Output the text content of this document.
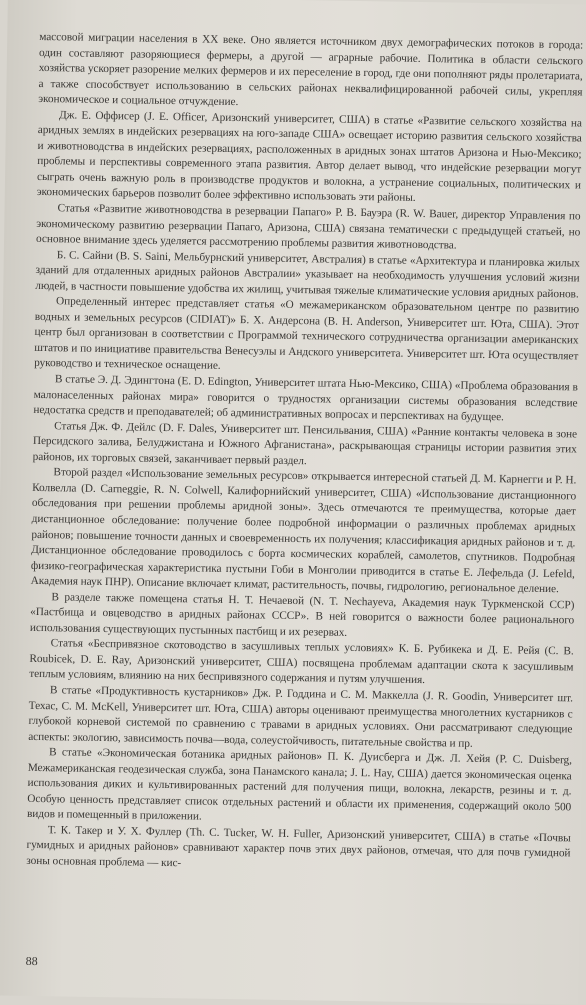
массовой миграции населения в XX веке. Оно является источником двух демографических потоков в города: один составляют разоряющиеся фермеры, а другой — аграрные рабочие. Политика в области сельского хозяйства ускоряет разорение мелких фермеров и их переселение в город, где они пополняют ряды пролетариата, а также способствует использованию в сельских районах неквалифицированной рабочей силы, укрепляя экономическое и социальное отчуждение.

Дж. Е. Оффисер (J. E. Officer, Аризонский университет, США) в статье «Развитие сельского хозяйства на аридных землях в индейских резервациях на юго-западе США» освещает историю развития сельского хозяйства и животноводства в индейских резервациях, расположенных в аридных зонах штатов Аризона и Нью-Мексико; проблемы и перспективы современного этапа развития. Автор делает вывод, что индейские резервации могут сыграть очень важную роль в производстве продуктов и волокна, а устранение социальных, политических и экономических барьеров позволит более эффективно использовать эти районы.

Статья «Развитие животноводства в резервации Папаго» Р. В. Бауэра (R. W. Bauer, директор Управления по экономическому развитию резервации Папаго, Аризона, США) связана тематически с предыдущей статьей, но основное внимание здесь уделяется рассмотрению проблемы развития животноводства.

Б. С. Сайни (B. S. Saini, Мельбурнский университет, Австралия) в статье «Архитектура и планировка жилых зданий для отдаленных аридных районов Австралии» указывает на необходимость улучшения условий жизни людей, в частности повышение удобства их жилищ, учитывая тяжелые климатические условия аридных районов.

Определенный интерес представляет статья «О межамериканском образовательном центре по развитию водных и земельных ресурсов (CIDIAT)» Б. Х. Андерсона (B. H. Anderson, Университет шт. Юта, США). Этот центр был организован в соответствии с Программой технического сотрудничества организации американских штатов и по инициативе правительства Венесуэлы и Андского университета. Университет шт. Юта осуществляет руководство и техническое оснащение.

В статье Э. Д. Эдингтона (E. D. Edington, Университет штата Нью-Мексико, США) «Проблема образования в малонаселенных районах мира» говорится о трудностях организации системы образования вследствие недостатка средств и преподавателей; об административных вопросах и перспективах на будущее.

Статья Дж. Ф. Дейлс (D. F. Dales, Университет шт. Пенсильвания, США) «Ранние контакты человека в зоне Персидского залива, Белуджистана и Южного Афганистана», раскрывающая страницы истории развития этих районов, их торговых связей, заканчивает первый раздел.

Второй раздел «Использование земельных ресурсов» открывается интересной статьей Д. М. Карнегги и Р. Н. Колвелла (D. Carneggie, R. N. Colwell, Калифорнийский университет, США) «Использование дистанционного обследования при решении проблемы аридной зоны». Здесь отмечаются те преимущества, которые дает дистанционное обследование: получение более подробной информации о различных проблемах аридных районов; повышение точности данных и своевременность их получения; классификация аридных районов и т. д. Дистанционное обследование проводилось с борта космических кораблей, самолетов, спутников. Подробная физико-географическая характеристика пустыни Гоби в Монголии приводится в статье Е. Лефельда (J. Lefeld, Академия наук ПНР). Описание включает климат, растительность, почвы, гидрологию, региональное деление.

В разделе также помещена статья Н. Т. Нечаевой (N. T. Nechayeva, Академия наук Туркменской ССР) «Пастбища и овцеводство в аридных районах СССР». В ней говорится о важности более рационального использования существующих пустынных пастбищ и их резервах.

Статья «Беспривязное скотоводство в засушливых теплых условиях» К. Б. Рубикека и Д. Е. Рейя (C. B. Roubicek, D. E. Ray, Аризонский университет, США) посвящена проблемам адаптации скота к засушливым теплым условиям, влиянию на них беспривязного содержания и путям улучшения.

В статье «Продуктивность кустарников» Дж. Р. Годдина и С. М. Маккелла (J. R. Goodin, Университет шт. Техас, C. M. McKell, Университет шт. Юта, США) авторы оценивают преимущества многолетних кустарников с глубокой корневой системой по сравнению с травами в аридных условиях. Они рассматривают следующие аспекты: экологию, зависимость почва—вода, солеустойчивость, питательные свойства и пр.

В статье «Экономическая ботаника аридных районов» П. К. Дуисберга и Дж. Л. Хейя (P. C. Duisberg, Межамериканская геодезическая служба, зона Панамского канала; J. L. Hay, США) дается экономическая оценка использования диких и культивированных растений для получения пищи, волокна, лекарств, резины и т. д. Особую ценность представляет список отдельных растений и области их применения, содержащий около 500 видов и помещенный в приложении.

Т. К. Такер и У. Х. Фуллер (Th. C. Tucker, W. H. Fuller, Аризонский университет, США) в статье «Почвы гумидных и аридных районов» сравнивают характер почв этих двух районов, отмечая, что для почв гумидной зоны основная проблема — кис-

88
